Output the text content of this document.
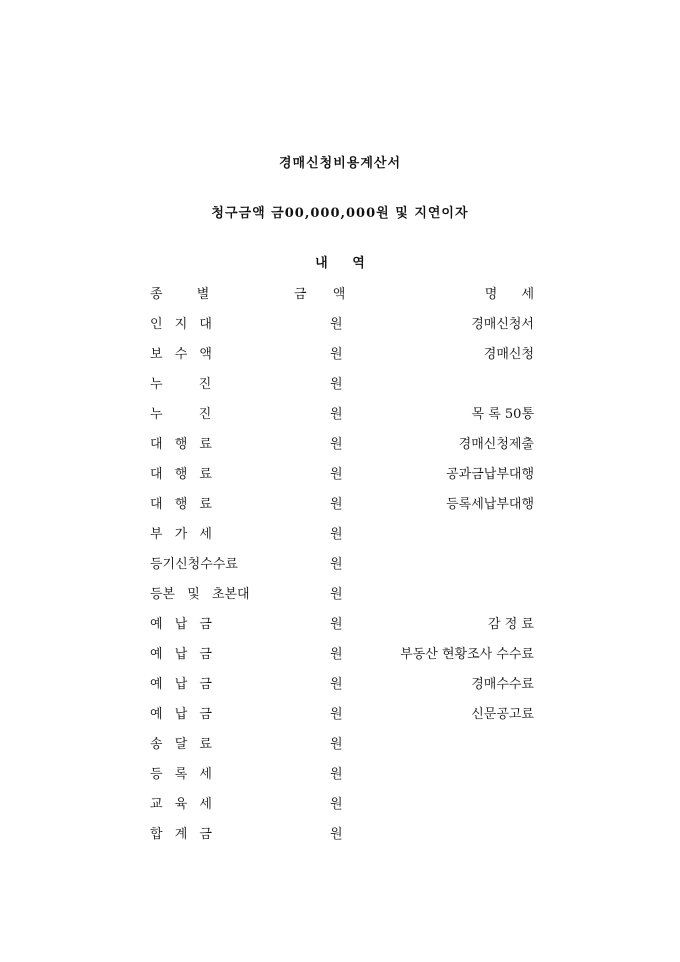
경매신청비용계산서
청구금액 금00,000,000원 및 지연이자
내 역
종 별	금 액	명 세
인 지 대	원	경매신청서
보 수 액	원	경매신청
누 진	원
누 진	원	목 록 50통
대 행 료	원	경매신청제출
대 행 료	원	공과금납부대행
대 행 료	원	등록세납부대행
부 가 세	원
등기신청수수료	원
등본 및 초본대	원
예 납 금	원	감 정 료
예 납 금	원	부동산 현황조사 수수료
예 납 금	원	경매수수료
예 납 금	원	신문공고료
송 달 료	원
등 록 세	원
교 육 세	원
합 계 금	원
